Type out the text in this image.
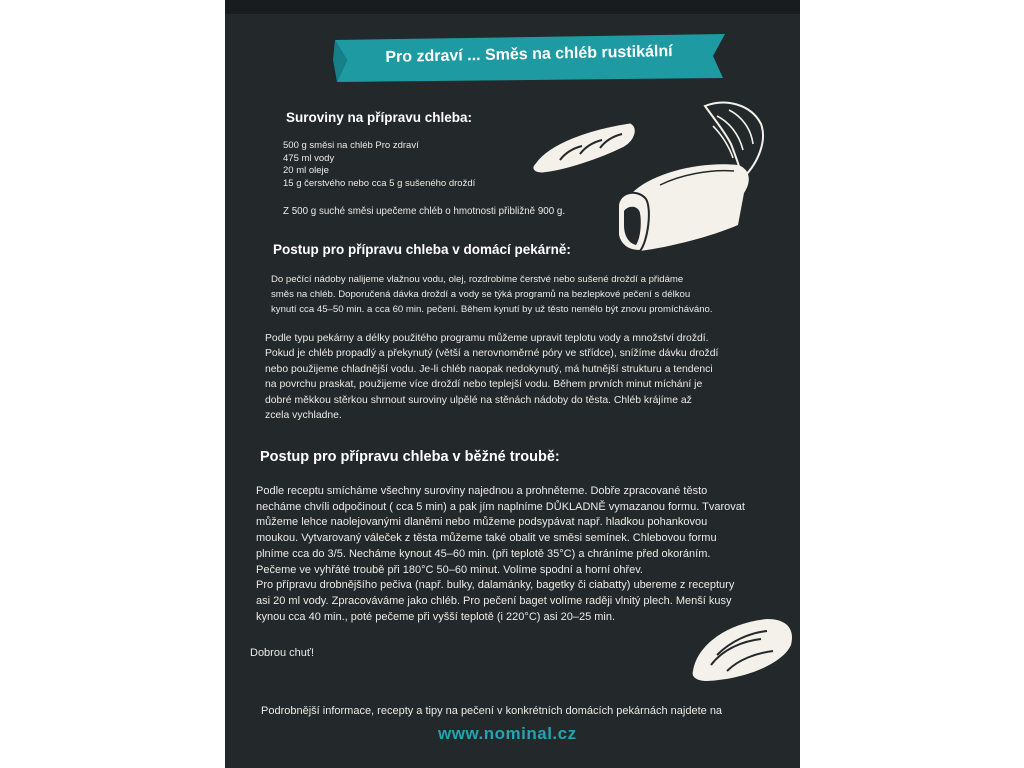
Pro zdraví ... Směs na chléb rustikální
Suroviny na přípravu chleba:
500 g směsi na chléb Pro zdraví
475 ml vody
20 ml oleje
15 g čerstvého nebo cca 5 g sušeného droždí
Z 500 g suché směsi upečeme chléb o hmotnosti přibližně 900 g.
Postup pro přípravu chleba v domácí pekárně:
Do pečící nádoby nalijeme vlažnou vodu, olej, rozdrobíme čerstvé nebo sušené droždí a přidáme
směs na chléb. Doporučená dávka droždí a vody se týká programů na bezlepkové pečení s délkou
kynutí cca 45–50 min. a cca 60 min. pečení. Během kynutí by už těsto nemělo být znovu promícháváno.
Podle typu pekárny a délky použitého programu můžeme upravit teplotu vody a množství droždí.
Pokud je chléb propadlý a překynutý (větší a nerovnoměrné póry ve střídce), snížíme dávku droždí
nebo použijeme chladnější vodu. Je-li chléb naopak nedokynutý, má hutnější strukturu a tendenci
na povrchu praskat, použijeme více droždí nebo teplejší vodu. Během prvních minut míchání je
dobré měkkou stěrkou shrnout suroviny ulpělé na stěnách nádoby do těsta. Chléb krájíme až
zcela vychladne.
Postup pro přípravu chleba v běžné troubě:
Podle receptu smícháme všechny suroviny najednou a prohněteme. Dobře zpracované těsto
necháme chvíli odpočinout ( cca 5 min) a pak jím naplníme DŮKLADNĚ vymazanou formu. Tvarovat
můžeme lehce naolejovanými dlaněmi nebo můžeme podsypávat např. hladkou pohankovou
moukou. Vytvarovaný váleček z těsta můžeme také obalit ve směsi semínek. Chlebovou formu
plníme cca do 3/5. Necháme kynout 45–60 min. (při teplotě 35°C) a chráníme před okoráním.
Pečeme ve vyhřáté troubě při 180°C 50–60 minut. Volíme spodní a horní ohřev.
Pro přípravu drobnějšího pečiva (např. bulky, dalamánky, bagetky či ciabatty) ubereme z receptury
asi 20 ml vody. Zpracováváme jako chléb. Pro pečení baget volíme raději vlnitý plech. Menší kusy
kynou cca 40 min., poté pečeme při vyšší teplotě (i 220°C) asi 20–25 min.
Dobrou chuť!
Podrobnější informace, recepty a tipy na pečení v konkrétních domácích pekárnách najdete na
www.nominal.cz
